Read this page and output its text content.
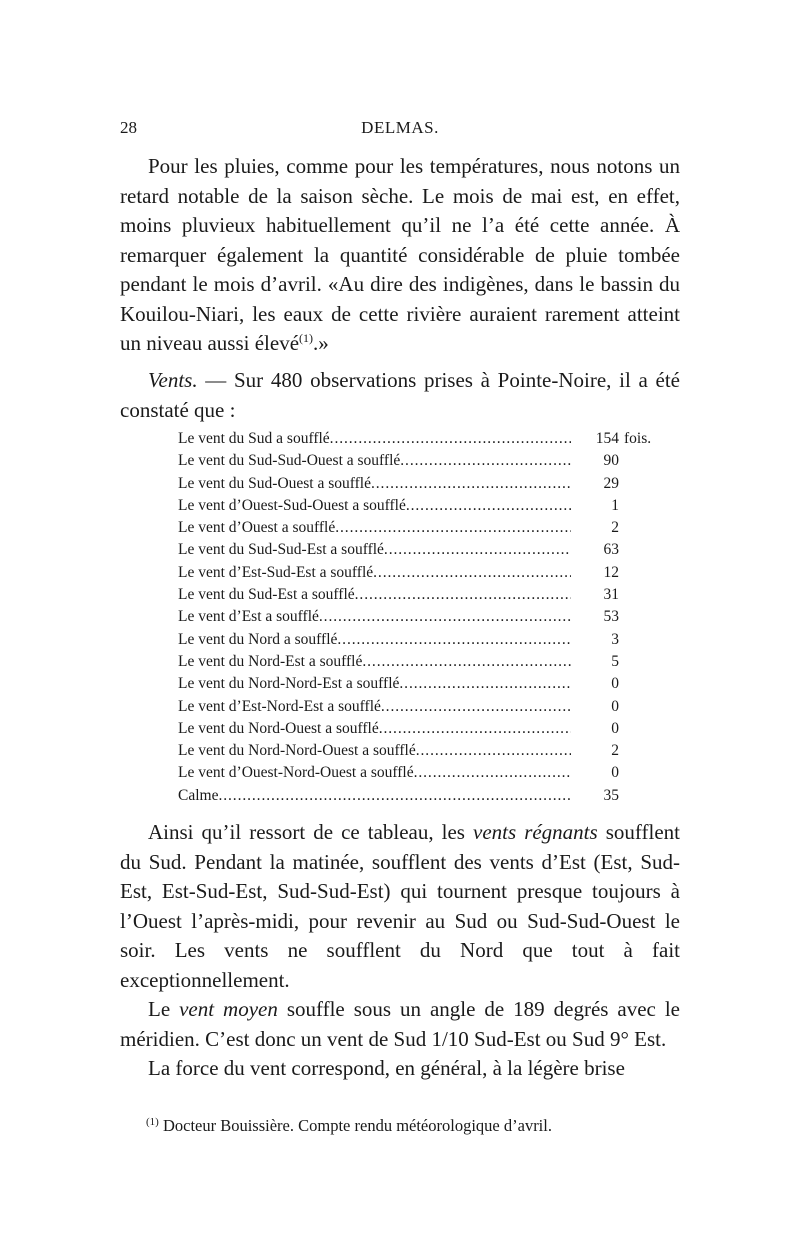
28	DELMAS.

Pour les pluies, comme pour les températures, nous notons un retard notable de la saison sèche. Le mois de mai est, en effet, moins pluvieux habituellement qu’il ne l’a été cette année. À remarquer également la quantité considérable de pluie tombée pendant le mois d’avril. «Au dire des indigènes, dans le bassin du Kouilou-Niari, les eaux de cette rivière auraient rarement atteint un niveau aussi élevé$^{(1)}$.»

Vents. — Sur 480 observations prises à Pointe-Noire, il a été constaté que :

Le vent du Sud a soufflé .....	154 fois.
Le vent du Sud-Sud-Ouest a soufflé .....	90
Le vent du Sud-Ouest a soufflé .....	29
Le vent d’Ouest-Sud-Ouest a soufflé .....	1
Le vent d’Ouest a soufflé .....	2
Le vent du Sud-Sud-Est a soufflé .....	63
Le vent d’Est-Sud-Est a soufflé .....	12
Le vent du Sud-Est a soufflé .....	31
Le vent d’Est a soufflé .....	53
Le vent du Nord a soufflé .....	3
Le vent du Nord-Est a soufflé .....	5
Le vent du Nord-Nord-Est a soufflé .....	0
Le vent d’Est-Nord-Est a soufflé .....	0
Le vent du Nord-Ouest a soufflé .....	0
Le vent du Nord-Nord-Ouest a soufflé .....	2
Le vent d’Ouest-Nord-Ouest a soufflé .....	0
Calme .....	35

Ainsi qu’il ressort de ce tableau, les vents régnants soufflent du Sud. Pendant la matinée, soufflent des vents d’Est (Est, Sud-Est, Est-Sud-Est, Sud-Sud-Est) qui tournent presque toujours à l’Ouest l’après-midi, pour revenir au Sud ou Sud-Sud-Ouest le soir. Les vents ne soufflent du Nord que tout à fait exceptionnellement.

Le vent moyen souffle sous un angle de 189 degrés avec le méridien. C’est donc un vent de Sud 1/10 Sud-Est ou Sud 9° Est.

La force du vent correspond, en général, à la légère brise

$^{(1)}$ Docteur Bouissière. Compte rendu météorologique d’avril.
